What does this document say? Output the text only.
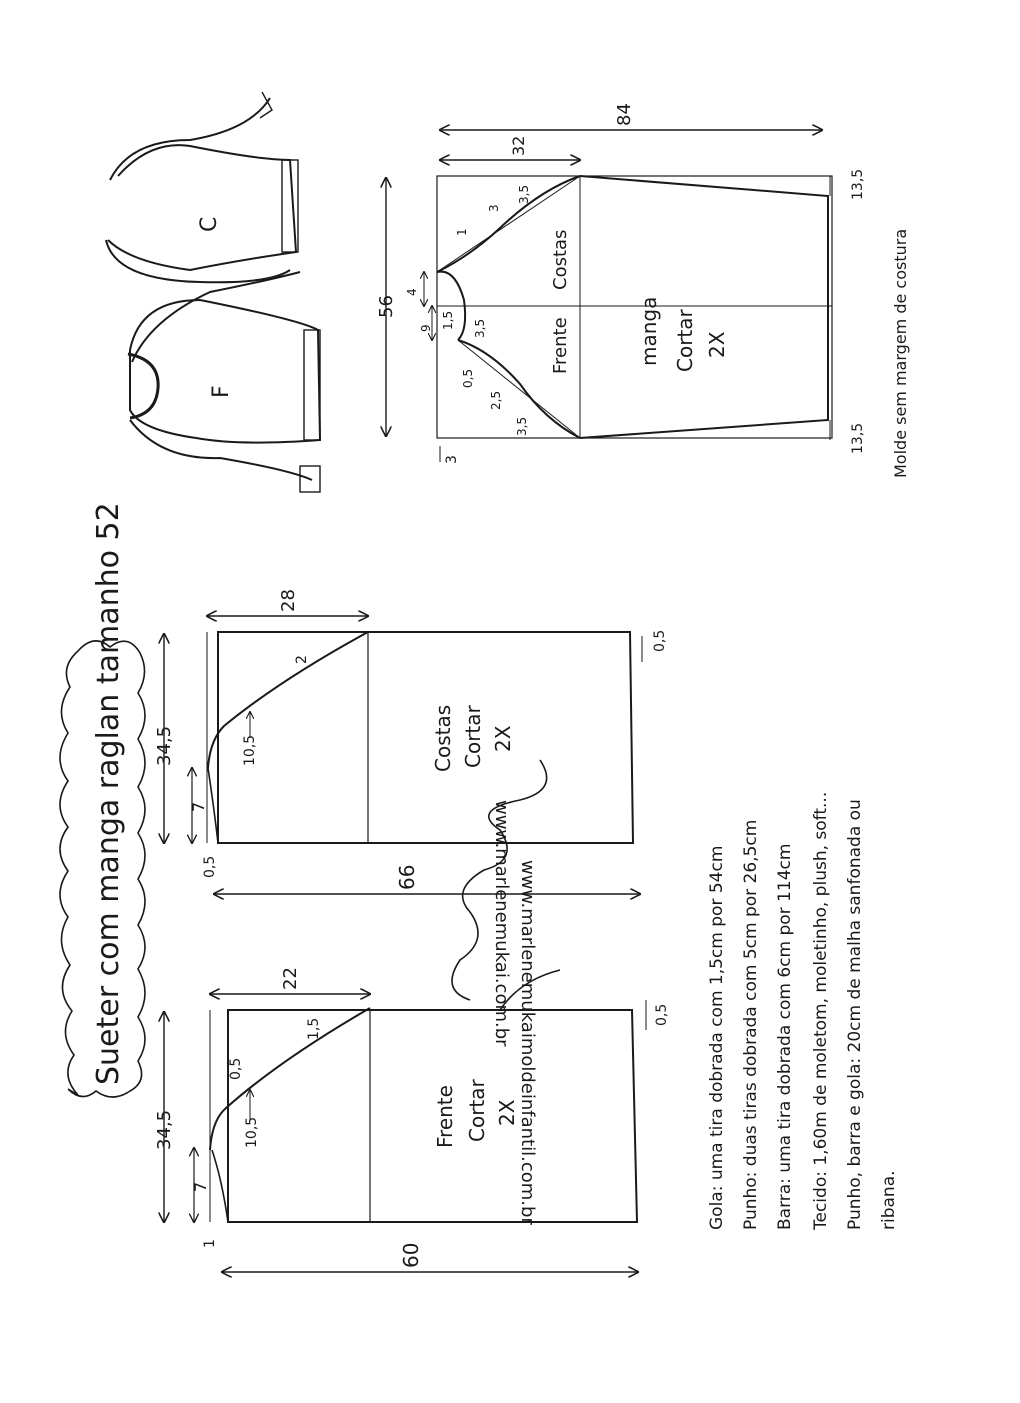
Sueter com manga raglan tamanho 52
60
34,5
22
7
1
0,5
1,5
10,5
0,5
Frente Cortar 2X
66
34,5
28
7
0,5
2
10,5
0,5
Costas Cortar 2X
84
32
56
4
9 1,5
1
3
3,5
3,5
0,5
2,5
3,5
3
13,5
13,5
Costas
Frente	manga Cortar 2X	Molde sem margem de costura
C
F
www.marlenemukaimoldeinfantil.com.br
www.marlenemukai.com.br	Gola: uma tira dobrada com 1,5cm por 54cm Punho: duas tiras dobrada com 5cm por 26,5cm Barra: uma tira dobrada com 6cm por 114cm Tecido: 1,60m de moletom, moletinho, plush, soft... Punho, barra e gola: 20cm de malha sanfonada ou ribana.
